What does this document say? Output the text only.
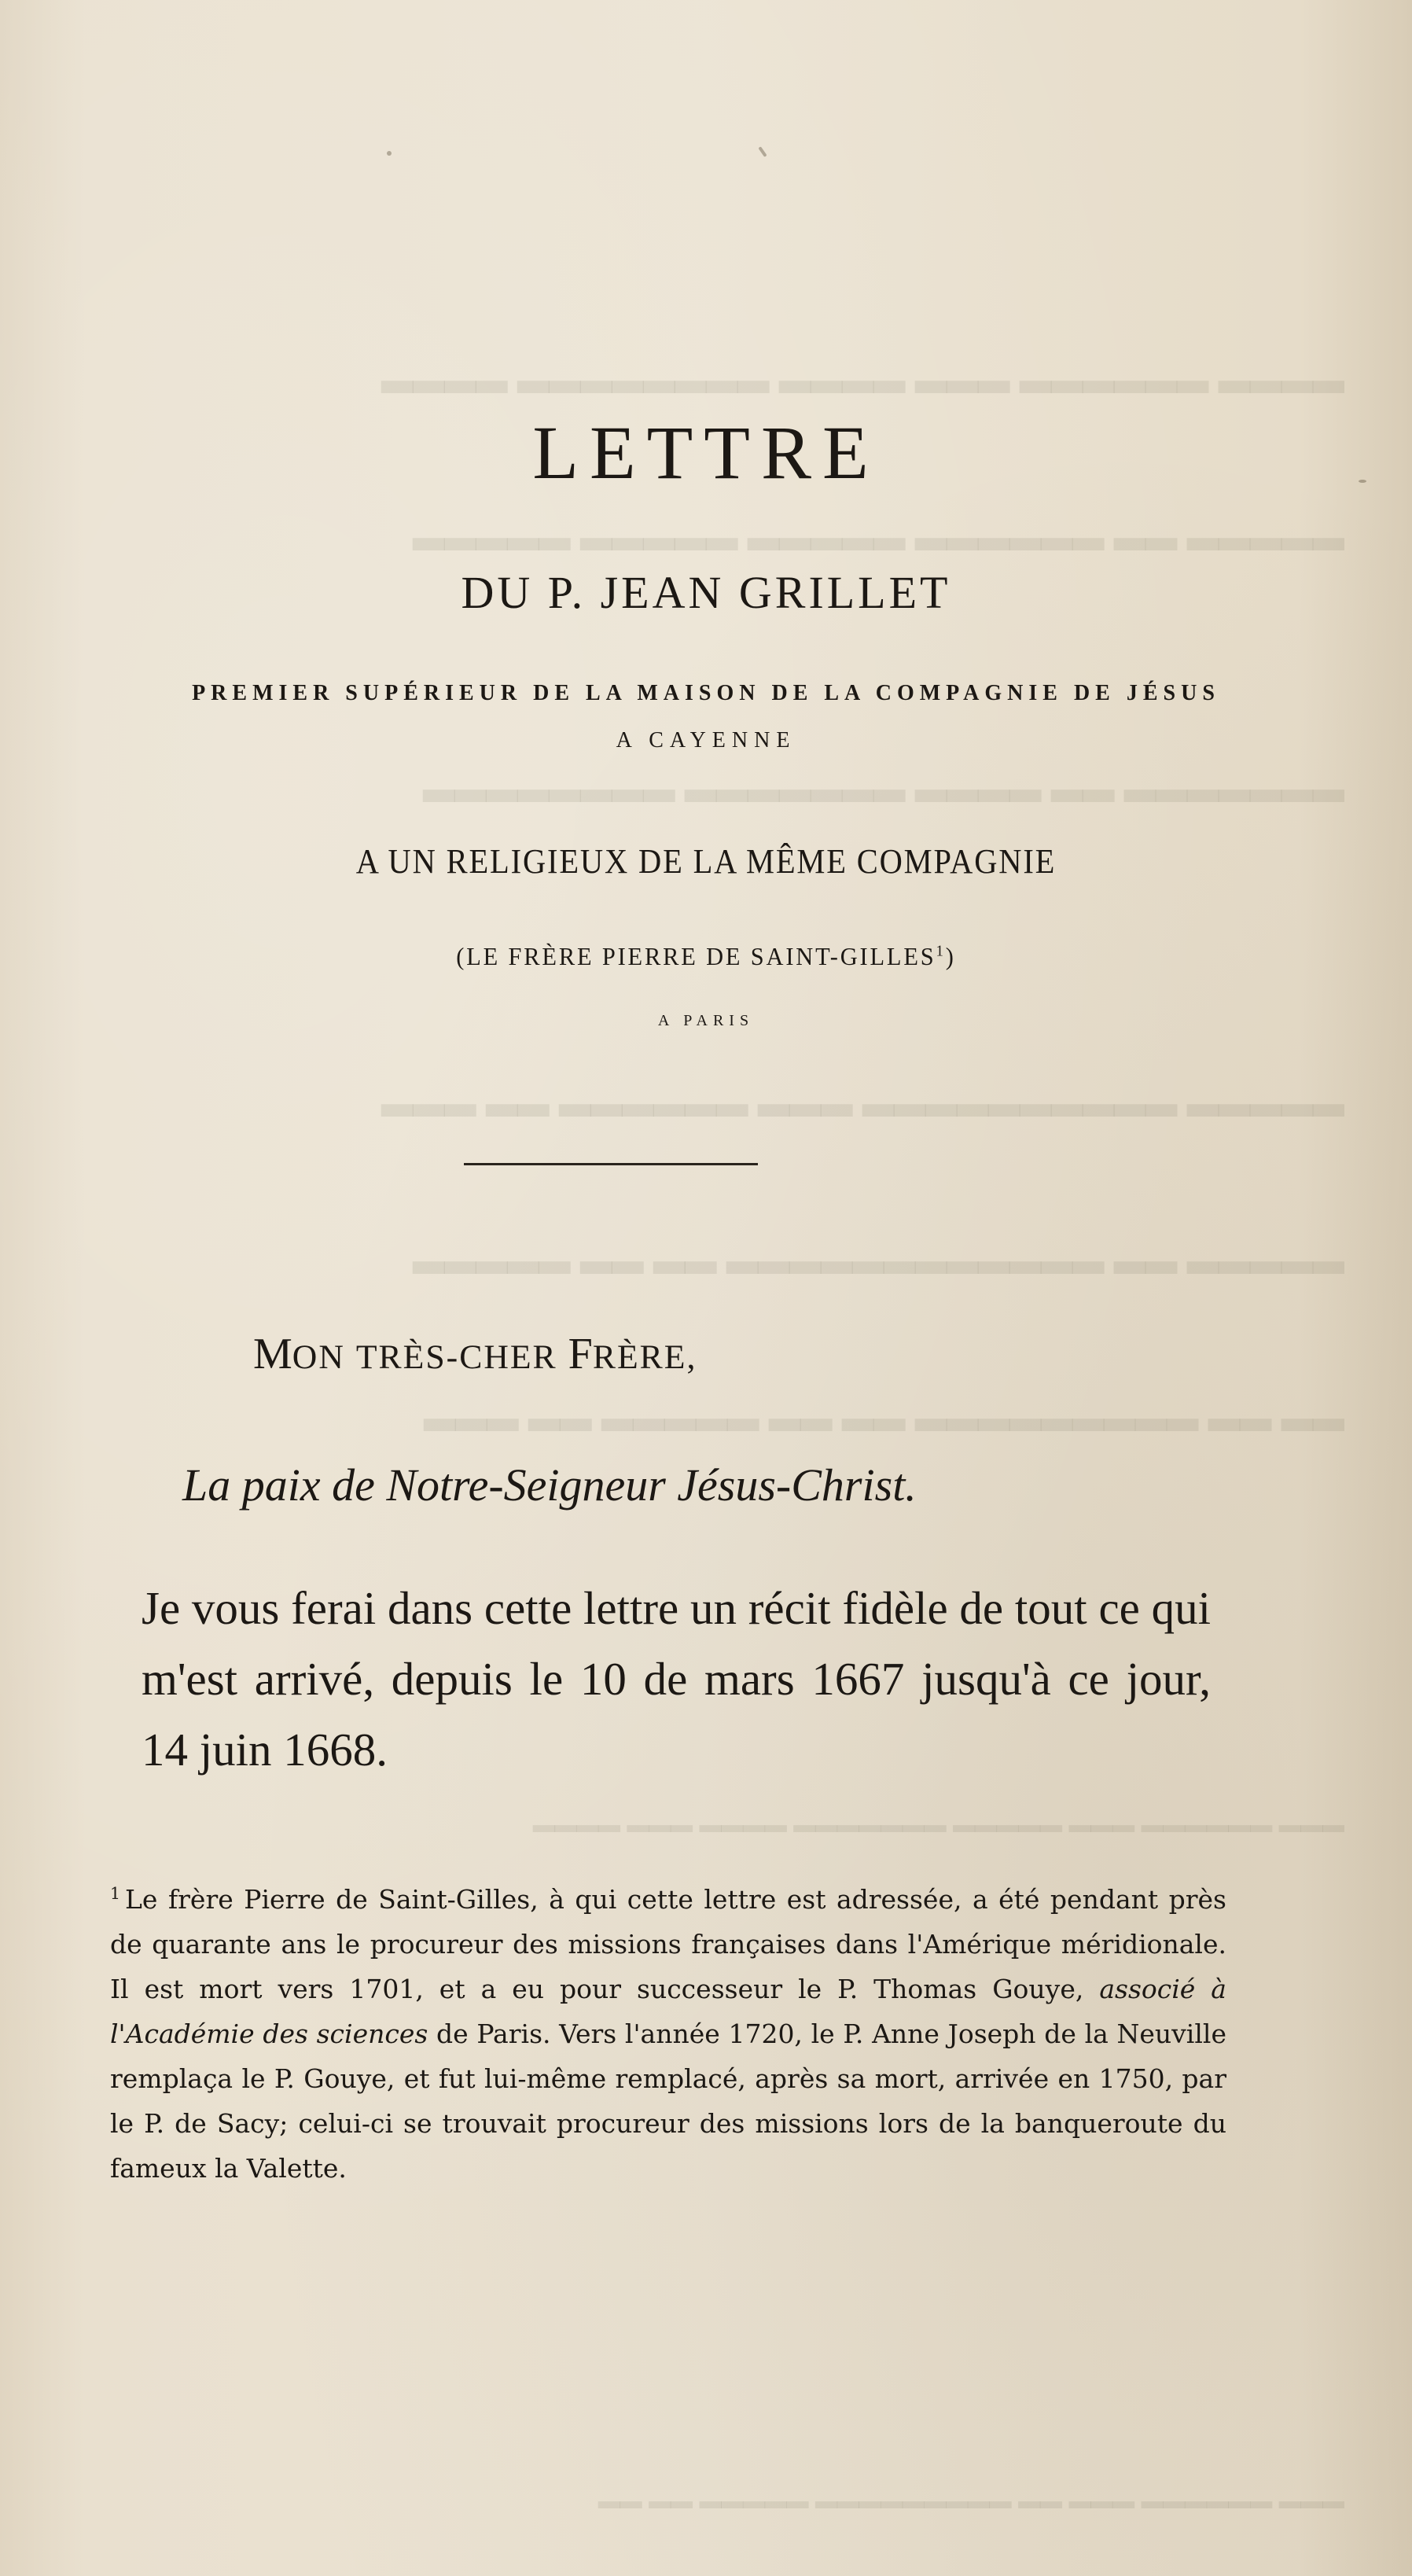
▂▂▂▂ ▂▂▂▂▂▂ ▂▂▂ ▂▂▂▂ ▂▂▂▂▂▂▂▂ ▂▂▂▂
▂▂▂▂▂ ▂▂ ▂▂▂▂▂▂ ▂▂▂▂▂ ▂▂▂▂▂ ▂▂▂▂▂
▂▂▂▂▂▂▂ ▂▂ ▂▂▂▂ ▂▂▂▂▂▂▂ ▂▂▂▂▂▂▂▂
▂▂▂▂▂ ▂▂▂▂▂▂▂▂▂▂ ▂▂▂ ▂▂▂▂▂▂ ▂▂ ▂▂▂
▂▂▂▂▂ ▂▂ ▂▂▂▂▂▂▂▂▂▂▂▂ ▂▂ ▂▂ ▂▂▂▂▂
▂▂ ▂▂ ▂▂▂▂▂▂▂▂▂ ▂▂ ▂▂ ▂▂▂▂▂ ▂▂ ▂▂▂
▂▂▂ ▂▂▂▂▂▂ ▂▂▂ ▂▂▂▂▂ ▂▂▂▂▂▂▂ ▂▂▂▂ ▂▂▂ ▂▂▂▂
▂▂▂ ▂▂▂▂▂▂ ▂▂▂ ▂▂ ▂▂▂▂▂▂▂▂▂ ▂▂▂▂▂ ▂▂ ▂▂
LETTRE
DU P. JEAN GRILLET
PREMIER SUPÉRIEUR DE LA MAISON DE LA COMPAGNIE DE JÉSUS
A CAYENNE
A UN RELIGIEUX DE LA MÊME COMPAGNIE
(LE FRÈRE PIERRE DE SAINT-GILLES$^1$)
A PARIS
MON TRÈS-CHER FRÈRE,
La paix de Notre-Seigneur Jésus-Christ.

Je vous ferai dans cette lettre un récit fidèle de tout ce qui m'est arrivé, depuis le 10 de mars 1667 jusqu'à ce jour, 14 juin 1668.

$^1$ Le frère Pierre de Saint-Gilles, à qui cette lettre est adressée, a été pendant près de quarante ans le procureur des missions françaises dans l'Amérique méridionale. Il est mort vers 1701, et a eu pour successeur le P. Thomas Gouye, associé à l'Académie des sciences de Paris. Vers l'année 1720, le P. Anne Joseph de la Neuville remplaça le P. Gouye, et fut lui-même remplacé, après sa mort, arrivée en 1750, par le P. de Sacy; celui-ci se trouvait procureur des missions lors de la banqueroute du fameux la Valette.
